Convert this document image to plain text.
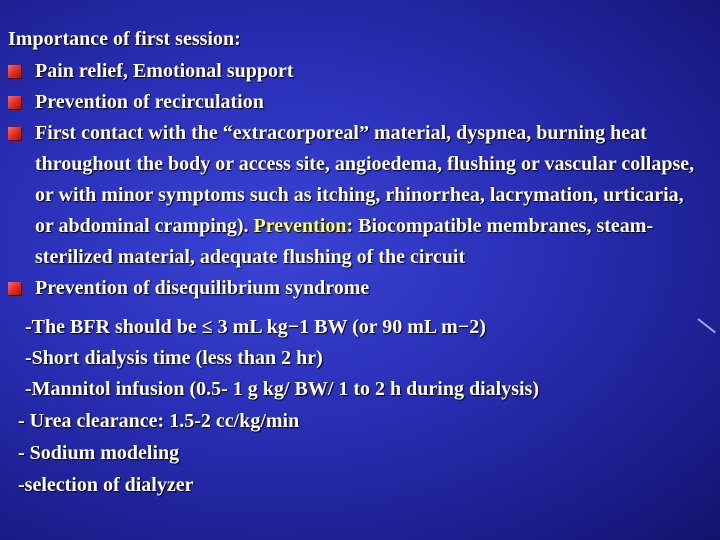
Importance of first session:
Pain relief, Emotional support
Prevention of recirculation
First contact with the “extracorporeal” material, dyspnea, burning heat throughout the body or access site, angioedema, flushing or vascular collapse, or with minor symptoms such as itching, rhinorrhea, lacrymation, urticaria, or abdominal cramping). Prevention: Biocompatible membranes, steam-sterilized material, adequate flushing of the circuit
Prevention of disequilibrium syndrome
-The BFR should be ≤ 3 mL kg−1 BW (or 90 mL m−2)
-Short dialysis time (less than 2 hr)
-Mannitol infusion (0.5- 1 g kg/ BW/ 1 to 2 h during dialysis)
- Urea clearance: 1.5-2 cc/kg/min
- Sodium modeling
-selection of dialyzer
